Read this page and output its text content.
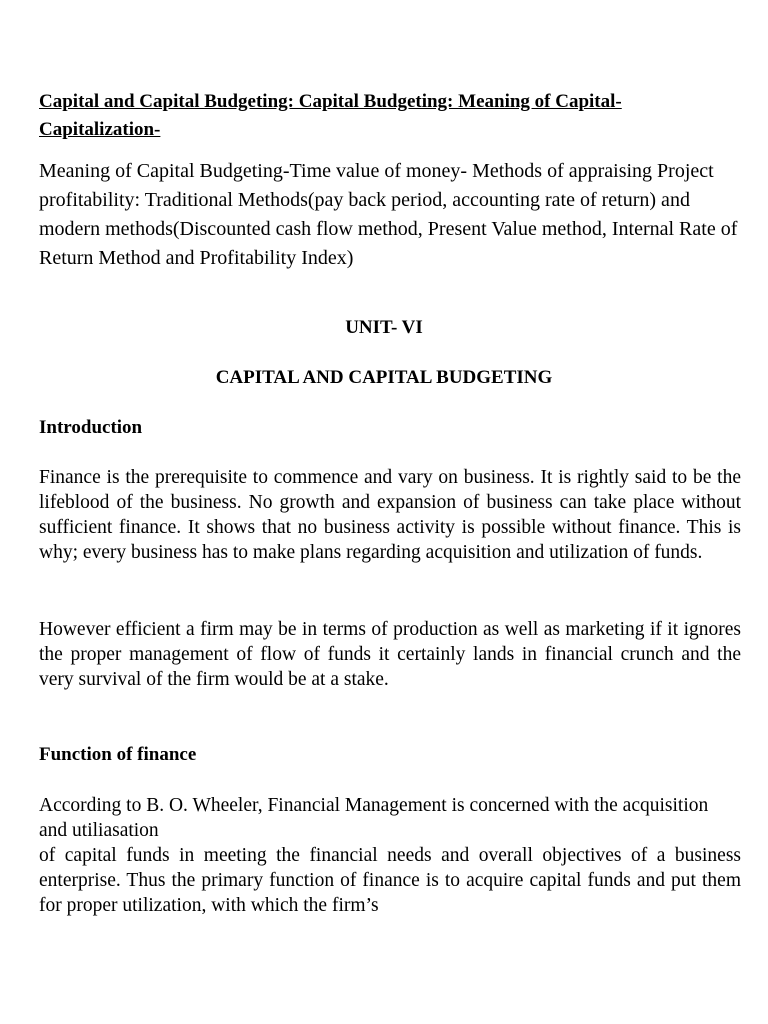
Capital and Capital Budgeting: Capital Budgeting: Meaning of Capital-Capitalization-
Meaning of Capital Budgeting-Time value of money- Methods of appraising Project profitability: Traditional Methods(pay back period, accounting rate of return) and modern methods(Discounted cash flow method, Present Value method, Internal Rate of Return Method and Profitability Index)
UNIT- VI
CAPITAL AND CAPITAL BUDGETING
Introduction
Finance is the prerequisite to commence and vary on business. It is rightly said to be the lifeblood of the business. No growth and expansion of business can take place without sufficient finance. It shows that no business activity is possible without finance. This is why; every business has to make plans regarding acquisition and utilization of funds.
However efficient a firm may be in terms of production as well as marketing if it ignores the proper management of flow of funds it certainly lands in financial crunch and the very survival of the firm would be at a stake.
Function of finance
According to B. O. Wheeler, Financial Management is concerned with the acquisition and utiliasation
of capital funds in meeting the financial needs and overall objectives of a business enterprise. Thus the primary function of finance is to acquire capital funds and put them for proper utilization, with which the firm’s
